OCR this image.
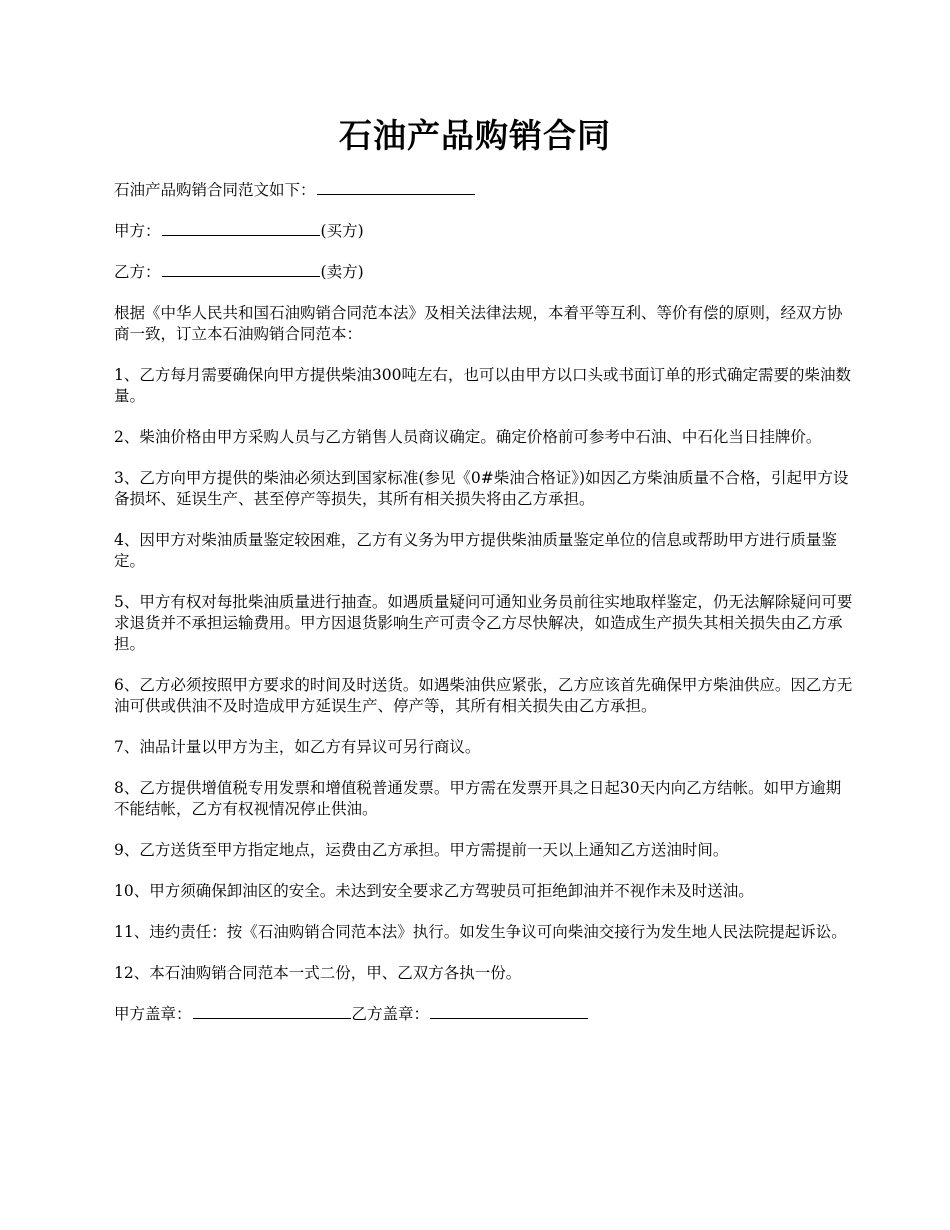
石油产品购销合同

石油产品购销合同范文如下：

甲方：	(买方)

乙方：	(卖方)

根据《中华人民共和国石油购销合同范本法》及相关法律法规，本着平等互利、等价有偿的原则，经双方协商一致，订立本石油购销合同范本：

1、乙方每月需要确保向甲方提供柴油300吨左右，也可以由甲方以口头或书面订单的形式确定需要的柴油数量。

2、柴油价格由甲方采购人员与乙方销售人员商议确定。确定价格前可参考中石油、中石化当日挂牌价。

3、乙方向甲方提供的柴油必须达到国家标准(参见《0#柴油合格证》)如因乙方柴油质量不合格，引起甲方设备损坏、延误生产、甚至停产等损失，其所有相关损失将由乙方承担。

4、因甲方对柴油质量鉴定较困难，乙方有义务为甲方提供柴油质量鉴定单位的信息或帮助甲方进行质量鉴定。

5、甲方有权对每批柴油质量进行抽查。如遇质量疑问可通知业务员前往实地取样鉴定，仍无法解除疑问可要求退货并不承担运输费用。甲方因退货影响生产可责令乙方尽快解决，如造成生产损失其相关损失由乙方承担。

6、乙方必须按照甲方要求的时间及时送货。如遇柴油供应紧张，乙方应该首先确保甲方柴油供应。因乙方无油可供或供油不及时造成甲方延误生产、停产等，其所有相关损失由乙方承担。

7、油品计量以甲方为主，如乙方有异议可另行商议。

8、乙方提供增值税专用发票和增值税普通发票。甲方需在发票开具之日起30天内向乙方结帐。如甲方逾期不能结帐，乙方有权视情况停止供油。

9、乙方送货至甲方指定地点，运费由乙方承担。甲方需提前一天以上通知乙方送油时间。

10、甲方须确保卸油区的安全。未达到安全要求乙方驾驶员可拒绝卸油并不视作未及时送油。

11、违约责任：按《石油购销合同范本法》执行。如发生争议可向柴油交接行为发生地人民法院提起诉讼。

12、本石油购销合同范本一式二份，甲、乙双方各执一份。

甲方盖章：	乙方盖章：
